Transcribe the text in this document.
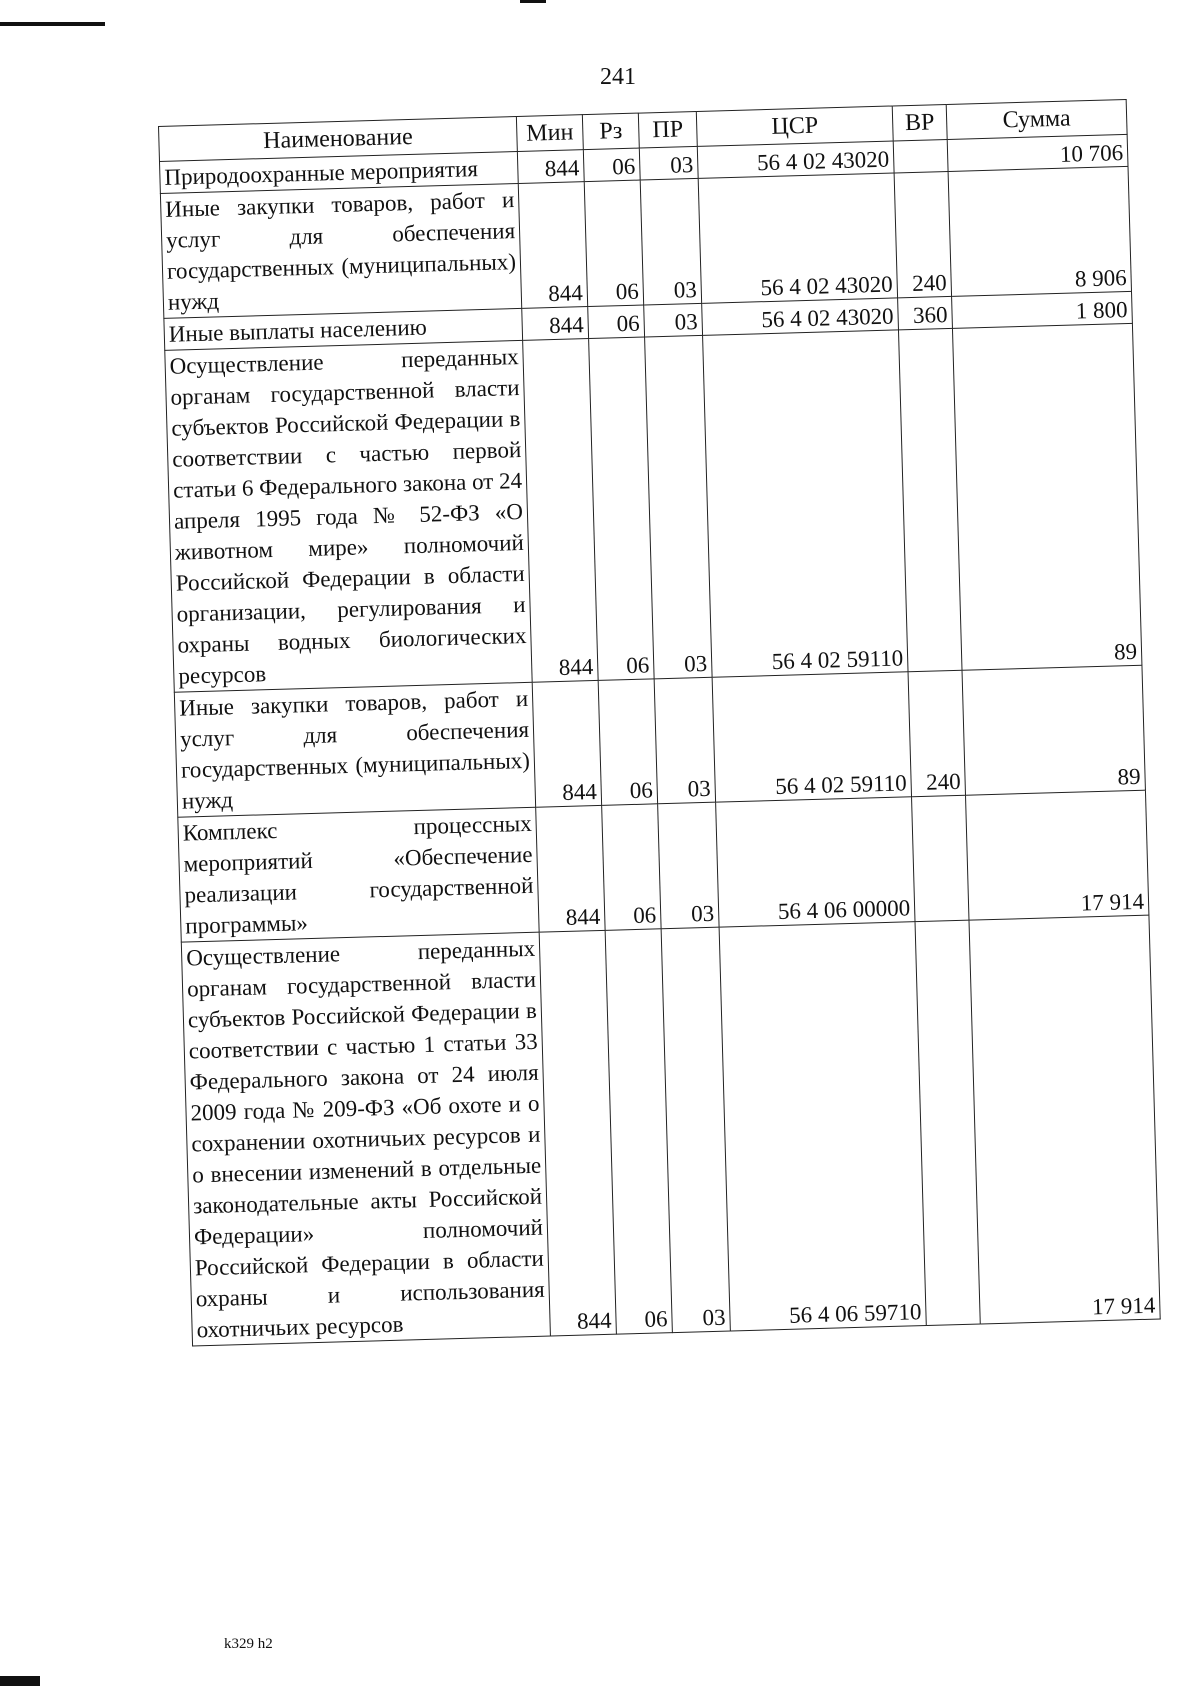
241
Наименование	Мин	Рз	ПР	ЦСР	ВР	Сумма
Природоохранные мероприятия	844	06	03	56 4 02 43020		10 706
Иные закупки товаров, работ и услуг для обеспечения государственных (муниципальных) нужд	844	06	03	56 4 02 43020	240	8 906
Иные выплаты населению	844	06	03	56 4 02 43020	360	1 800
Осуществление переданных органам государственной власти субъектов Российской Федерации в соответствии с частью первой статьи 6 Федерального закона от 24 апреля 1995 года № 52-ФЗ «О животном мире» полномочий Российской Федерации в области организации, регулирования и охраны водных биологических ресурсов	844	06	03	56 4 02 59110		89
Иные закупки товаров, работ и услуг для обеспечения государственных (муниципальных) нужд	844	06	03	56 4 02 59110	240	89
Комплекс процессных мероприятий «Обеспечение реализации государственной программы»	844	06	03	56 4 06 00000		17 914
Осуществление переданных органам государственной власти субъектов Российской Федерации в соответствии с частью 1 статьи 33 Федерального закона от 24 июля 2009 года № 209-ФЗ «Об охоте и о сохранении охотничьих ресурсов и о внесении изменений в отдельные законодательные акты Российской Федерации» полномочий Российской Федерации в области охраны и использования охотничьих ресурсов	844	06	03	56 4 06 59710		17 914
k329 h2
